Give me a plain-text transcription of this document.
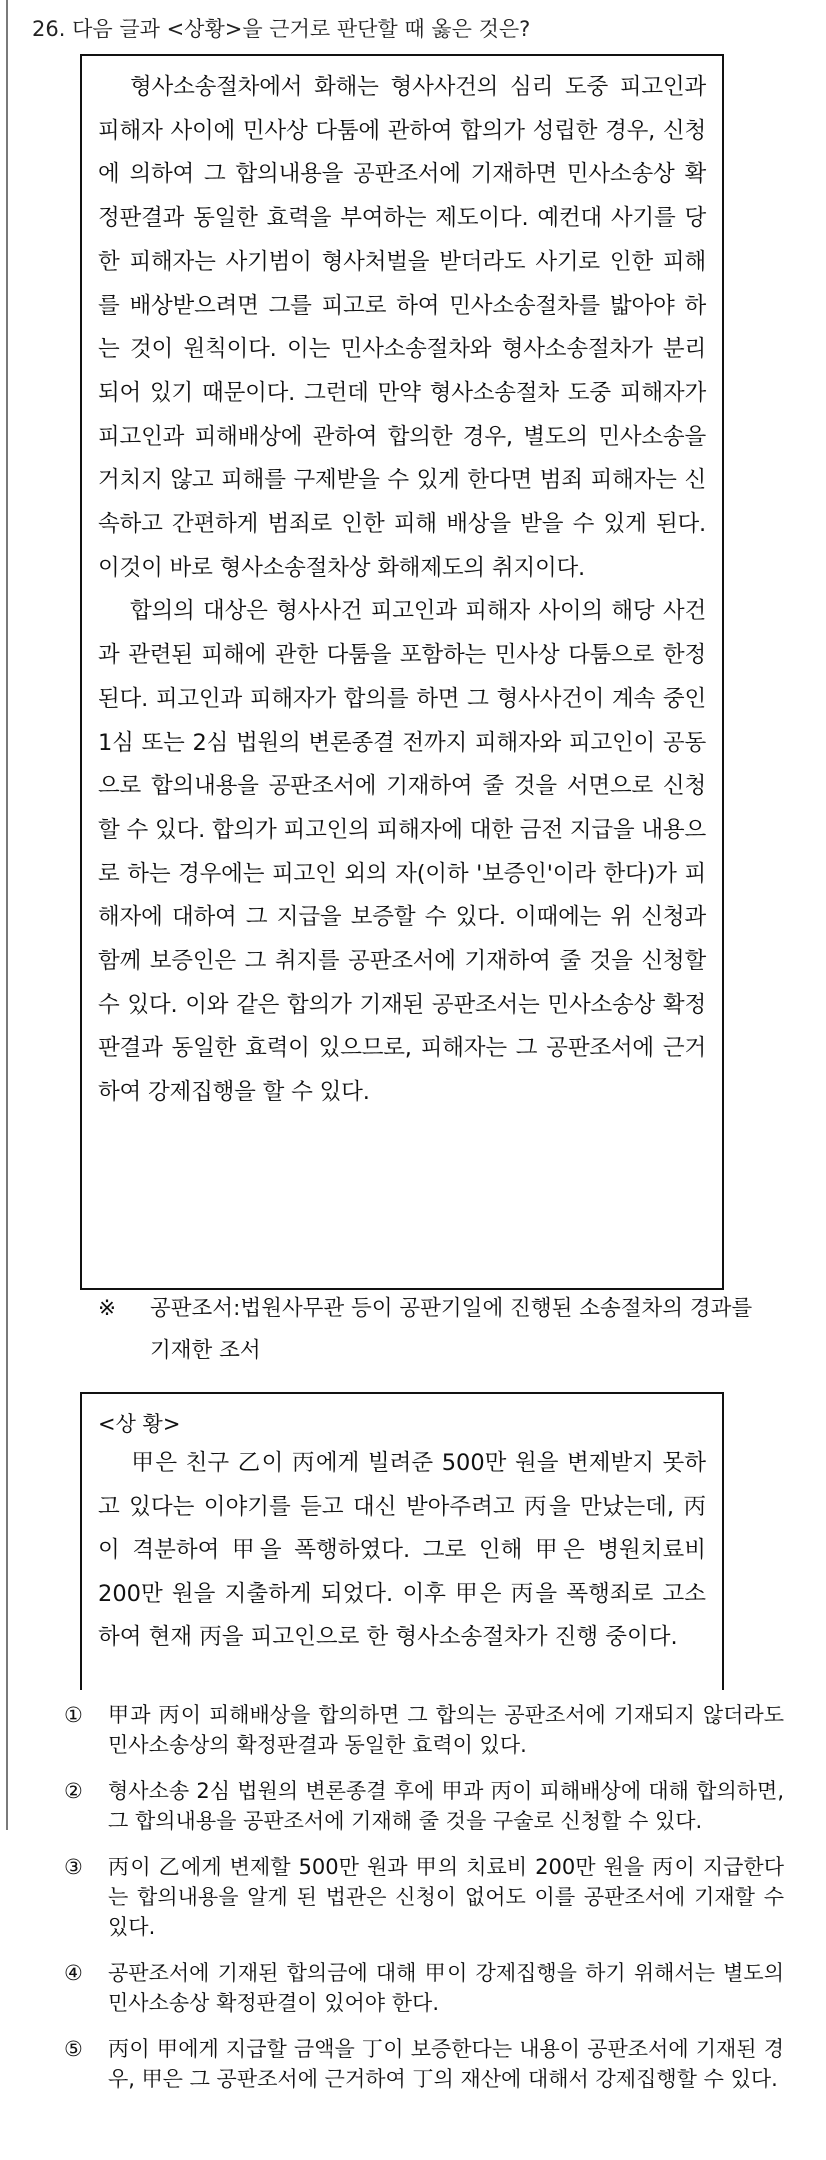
26. 다음 글과 <상황>을 근거로 판단할 때 옳은 것은?
형사소송절차에서 화해는 형사사건의 심리 도중 피고인과 피해자 사이에 민사상 다툼에 관하여 합의가 성립한 경우, 신청에 의하여 그 합의내용을 공판조서에 기재하면 민사소송상 확정판결과 동일한 효력을 부여하는 제도이다. 예컨대 사기를 당한 피해자는 사기범이 형사처벌을 받더라도 사기로 인한 피해를 배상받으려면 그를 피고로 하여 민사소송절차를 밟아야 하는 것이 원칙이다. 이는 민사소송절차와 형사소송절차가 분리되어 있기 때문이다. 그런데 만약 형사소송절차 도중 피해자가 피고인과 피해배상에 관하여 합의한 경우, 별도의 민사소송을 거치지 않고 피해를 구제받을 수 있게 한다면 범죄 피해자는 신속하고 간편하게 범죄로 인한 피해 배상을 받을 수 있게 된다. 이것이 바로 형사소송절차상 화해제도의 취지이다.
합의의 대상은 형사사건 피고인과 피해자 사이의 해당 사건과 관련된 피해에 관한 다툼을 포함하는 민사상 다툼으로 한정된다. 피고인과 피해자가 합의를 하면 그 형사사건이 계속 중인 1심 또는 2심 법원의 변론종결 전까지 피해자와 피고인이 공동으로 합의내용을 공판조서에 기재하여 줄 것을 서면으로 신청할 수 있다. 합의가 피고인의 피해자에 대한 금전 지급을 내용으로 하는 경우에는 피고인 외의 자(이하 '보증인'이라 한다)가 피해자에 대하여 그 지급을 보증할 수 있다. 이때에는 위 신청과 함께 보증인은 그 취지를 공판조서에 기재하여 줄 것을 신청할 수 있다. 이와 같은 합의가 기재된 공판조서는 민사소송상 확정판결과 동일한 효력이 있으므로, 피해자는 그 공판조서에 근거하여 강제집행을 할 수 있다.
※	공판조서:법원사무관 등이 공판기일에 진행된 소송절차의 경과를 기재한 조서
<상 황>
甲은 친구 乙이 丙에게 빌려준 500만 원을 변제받지 못하고 있다는 이야기를 듣고 대신 받아주려고 丙을 만났는데, 丙이 격분하여 甲을 폭행하였다. 그로 인해 甲은 병원치료비 200만 원을 지출하게 되었다. 이후 甲은 丙을 폭행죄로 고소하여 현재 丙을 피고인으로 한 형사소송절차가 진행 중이다.
① 甲과 丙이 피해배상을 합의하면 그 합의는 공판조서에 기재되지 않더라도 민사소송상의 확정판결과 동일한 효력이 있다.
② 형사소송 2심 법원의 변론종결 후에 甲과 丙이 피해배상에 대해 합의하면, 그 합의내용을 공판조서에 기재해 줄 것을 구술로 신청할 수 있다.
③ 丙이 乙에게 변제할 500만 원과 甲의 치료비 200만 원을 丙이 지급한다는 합의내용을 알게 된 법관은 신청이 없어도 이를 공판조서에 기재할 수 있다.
④ 공판조서에 기재된 합의금에 대해 甲이 강제집행을 하기 위해서는 별도의 민사소송상 확정판결이 있어야 한다.
⑤ 丙이 甲에게 지급할 금액을 丁이 보증한다는 내용이 공판조서에 기재된 경우, 甲은 그 공판조서에 근거하여 丁의 재산에 대해서 강제집행할 수 있다.
